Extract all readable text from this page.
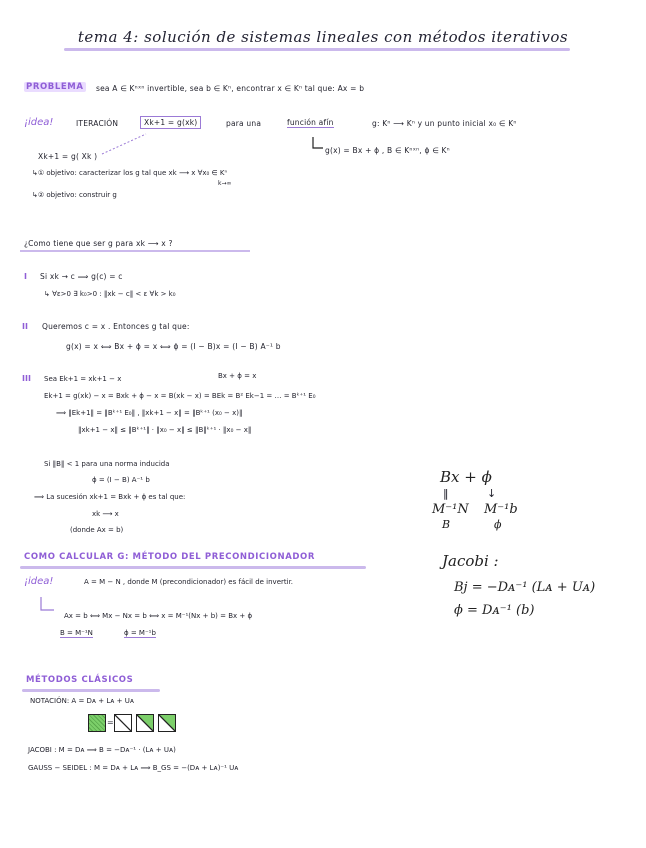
tema 4: solución de sistemas lineales con métodos iterativos
PROBLEMA sea A ∈ Kⁿˣⁿ invertible, sea b ∈ Kⁿ, encontrar x ∈ Kⁿ tal que: Ax = b
¡idea!	ITERACIÓN	Xk+1 = g(xk)	para una	función afín	g: Kⁿ ⟶ Kⁿ y un punto inicial x₀ ∈ Kⁿ
g(x) = Bx + ϕ , B ∈ Kⁿˣⁿ, ϕ ∈ Kⁿ
Xk+1 = g( Xk )
↳① objetivo: caracterizar los g tal que xk ⟶ x ∀x₀ ∈ Kⁿ
k→∞
↳② objetivo: construir g
¿Como tiene que ser g para xk ⟶ x ?
I Si xk → c ⟹ g(c) = c
↳ ∀ε>0 ∃ k₀>0 : ‖xk − c‖ < ε ∀k > k₀
II Queremos c = x . Entonces g tal que:
g(x) = x ⟺ Bx + ϕ = x ⟺ ϕ = (I − B)x = (I − B) A⁻¹ b
III Sea Ek+1 = xk+1 − x	Bx + ϕ = x
Ek+1 = g(xk) − x = Bxk + ϕ − x = B(xk − x) = BEk = B² Ek−1 = … = Bᵏ⁺¹ E₀
⟹ ‖Ek+1‖ = ‖Bᵏ⁺¹ E₀‖ , ‖xk+1 − x‖ = ‖Bᵏ⁺¹ (x₀ − x)‖
‖xk+1 − x‖ ≤ ‖Bᵏ⁺¹‖ · ‖x₀ − x‖ ≤ ‖B‖ᵏ⁺¹ · ‖x₀ − x‖
Si ‖B‖ < 1 para una norma inducida
ϕ = (I − B) A⁻¹ b
⟹ La sucesión xk+1 = Bxk + ϕ es tal que:
xk ⟶ x
(donde Ax = b)
Bx + ϕ
‖	↓
M⁻¹N M⁻¹b
B	ϕ
Jacobi :
Bj = −Dᴀ⁻¹ (Lᴀ + Uᴀ)
ϕ = Dᴀ⁻¹ (b)
COMO CALCULAR G: MÉTODO DEL PRECONDICIONADOR
¡idea!	A = M − N , donde M (precondicionador) es fácil de invertir.
Ax = b ⟺ Mx − Nx = b ⟺ x = M⁻¹(Nx + b) = Bx + ϕ
B = M⁻¹N	ϕ = M⁻¹b
MÉTODOS CLÁSICOS
NOTACIÓN: A = Dᴀ + Lᴀ + Uᴀ
=
JACOBI : M = Dᴀ ⟹ B = −Dᴀ⁻¹ · (Lᴀ + Uᴀ)
GAUSS − SEIDEL : M = Dᴀ + Lᴀ ⟹ B_GS = −(Dᴀ + Lᴀ)⁻¹ Uᴀ
